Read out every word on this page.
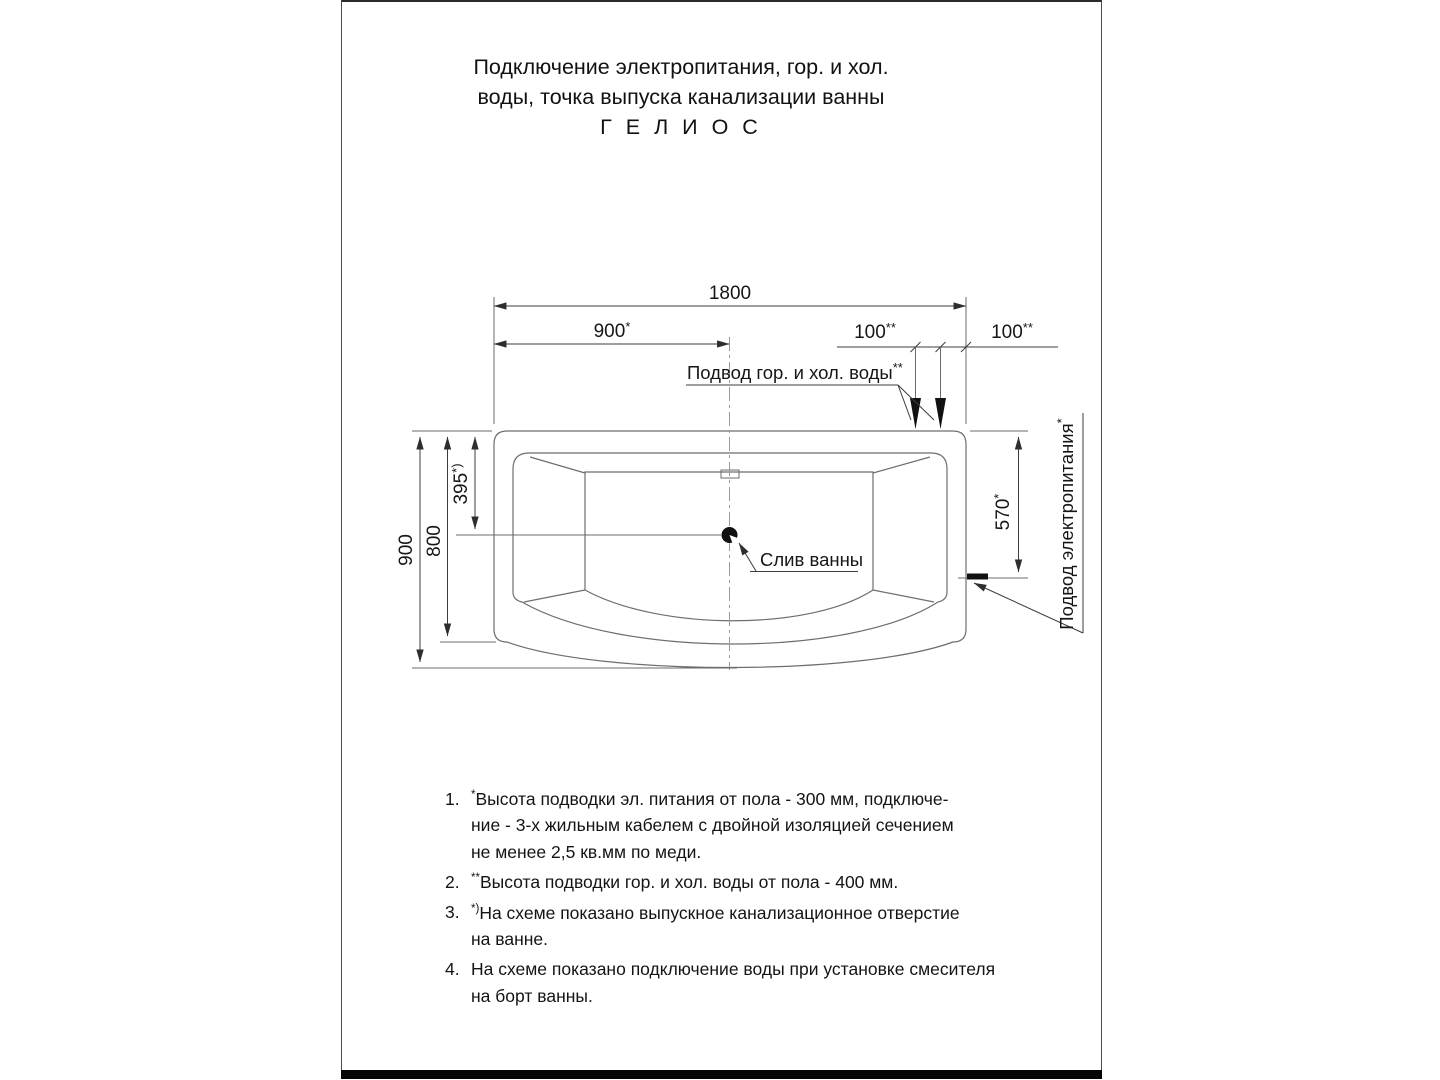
Подключение электропитания, гор. и хол.
воды, точка выпуска канализации ванны
Г Е Л И О С
Слив ванны
1800
900*	100**	100**
Подвод гор. и хол. воды**
900 800
395*)
570*	Подвод электропитания*
1. *Высота подводки эл. питания от пола - 300 мм, подключе-
ние - 3-х жильным кабелем с двойной изоляцией сечением
не менее 2,5 кв.мм по меди.
2. **Высота подводки гор. и хол. воды от пола - 400 мм.
3. *)На схеме показано выпускное канализационное отверстие
на ванне.
4. На схеме показано подключение воды при установке смесителя
на борт ванны.
